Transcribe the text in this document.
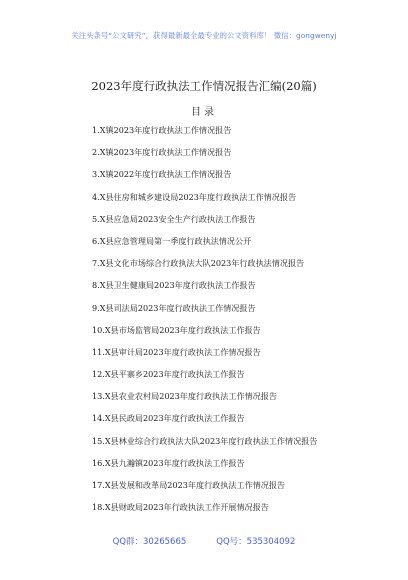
关注头条号“公文研究”，获得最新最全最专业的公文资料库！ 微信：gongwenyj
2023年度行政执法工作情况报告汇编(20篇)
目录
1.X镇2023年度行政执法工作情况报告
2.X镇2023年度行政执法工作情况报告
3.X镇2022年度行政执法工作情况报告
4.X县住房和城乡建设局2023年度行政执法工作情况报告
5.X县应急局2023安全生产行政执法工作报告
6.X县应急管理局第一季度行政执法情况公开
7.X县文化市场综合行政执法大队2023年行政执法情况报告
8.X县卫生健康局2023年度行政执法工作报告
9.X县司法局2023年度行政执法工作情况报告
10.X县市场监管局2023年度行政执法工作报告
11.X县审计局2023年度行政执法工作情况报告
12.X县平寨乡2023年度行政执法工作报告
13.X县农业农村局2023年度行政执法工作情况报告
14.X县民政局2023年度行政执法工作报告
15.X县林业综合行政执法大队2023年度行政执法工作情况报告
16.X县九瀚镇2023年度行政执法工作报告
17.X县发展和改革局2023年度行政执法工作情况报告
18.X县财政局2023年行政执法工作开展情况报告
QQ群：30265665	QQ号：535304092
